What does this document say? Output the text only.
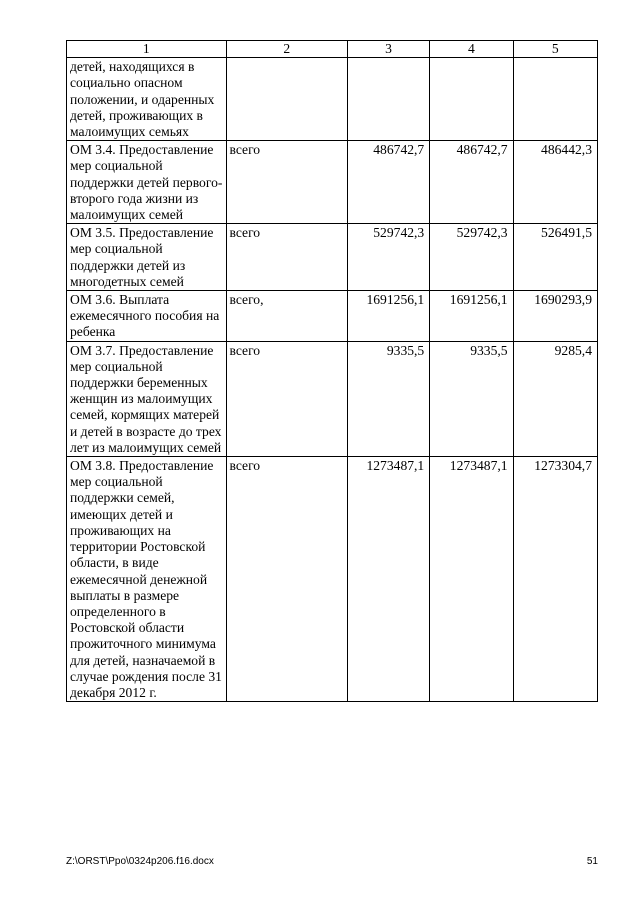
1	2	3	4	5
детей, находящихся в социально опасном положении, и одаренных детей, проживающих в малоимущих семьях				
ОМ 3.4. Предоставление мер социальной поддержки детей первого-второго года жизни из малоимущих семей	всего	486742,7	486742,7	486442,3
ОМ 3.5. Предоставление мер социальной поддержки детей из многодетных семей	всего	529742,3	529742,3	526491,5
ОМ 3.6. Выплата ежемесячного пособия на ребенка	всего,	1691256,1	1691256,1	1690293,9
ОМ 3.7. Предоставление мер социальной поддержки беременных женщин из малоимущих семей, кормящих матерей и детей в возрасте до трех лет из малоимущих семей	всего	9335,5	9335,5	9285,4
ОМ 3.8. Предоставление мер социальной поддержки семей, имеющих детей и проживающих на территории Ростовской области, в виде ежемесячной денежной выплаты в размере определенного в Ростовской области прожиточного минимума для детей, назначаемой в случае рождения после 31 декабря 2012 г.	всего	1273487,1	1273487,1	1273304,7
Z:\ORST\Ppo\0324p206.f16.docx	51
